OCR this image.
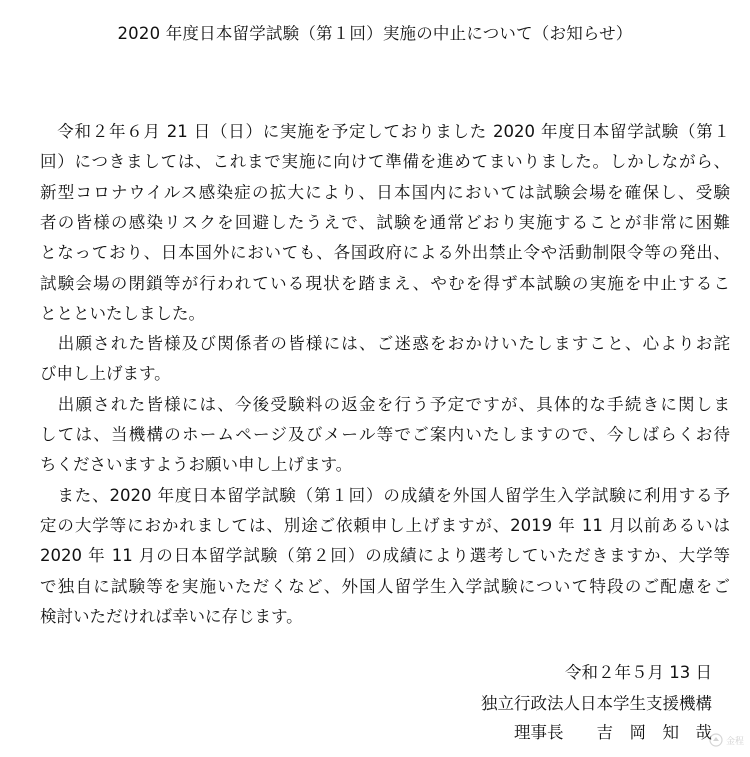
2020 年度日本留学試験（第１回）実施の中止について（お知らせ）
　令和２年６月 21 日（日）に実施を予定しておりました 2020 年度日本留学試験（第１
回）につきましては、これまで実施に向けて準備を進めてまいりました。しかしながら、
新型コロナウイルス感染症の拡大により、日本国内においては試験会場を確保し、受験
者の皆様の感染リスクを回避したうえで、試験を通常どおり実施することが非常に困難
となっており、日本国外においても、各国政府による外出禁止令や活動制限令等の発出、
試験会場の閉鎖等が行われている現状を踏まえ、やむを得ず本試験の実施を中止するこ
ととといたしました。
　出願された皆様及び関係者の皆様には、ご迷惑をおかけいたしますこと、心よりお詫
び申し上げます。
　出願された皆様には、今後受験料の返金を行う予定ですが、具体的な手続きに関しま
しては、当機構のホームページ及びメール等でご案内いたしますので、今しばらくお待
ちくださいますようお願い申し上げます。
　また、2020 年度日本留学試験（第１回）の成績を外国人留学生入学試験に利用する予
定の大学等におかれましては、別途ご依頼申し上げますが、2019 年 11 月以前あるいは
2020 年 11 月の日本留学試験（第２回）の成績により選考していただきますか、大学等
で独自に試験等を実施いただくなど、外国人留学生入学試験について特段のご配慮をご
検討いただければ幸いに存じます。
令和２年５月 13 日
独立行政法人日本学生支援機構
理事長　　吉　岡　知　哉 金程
